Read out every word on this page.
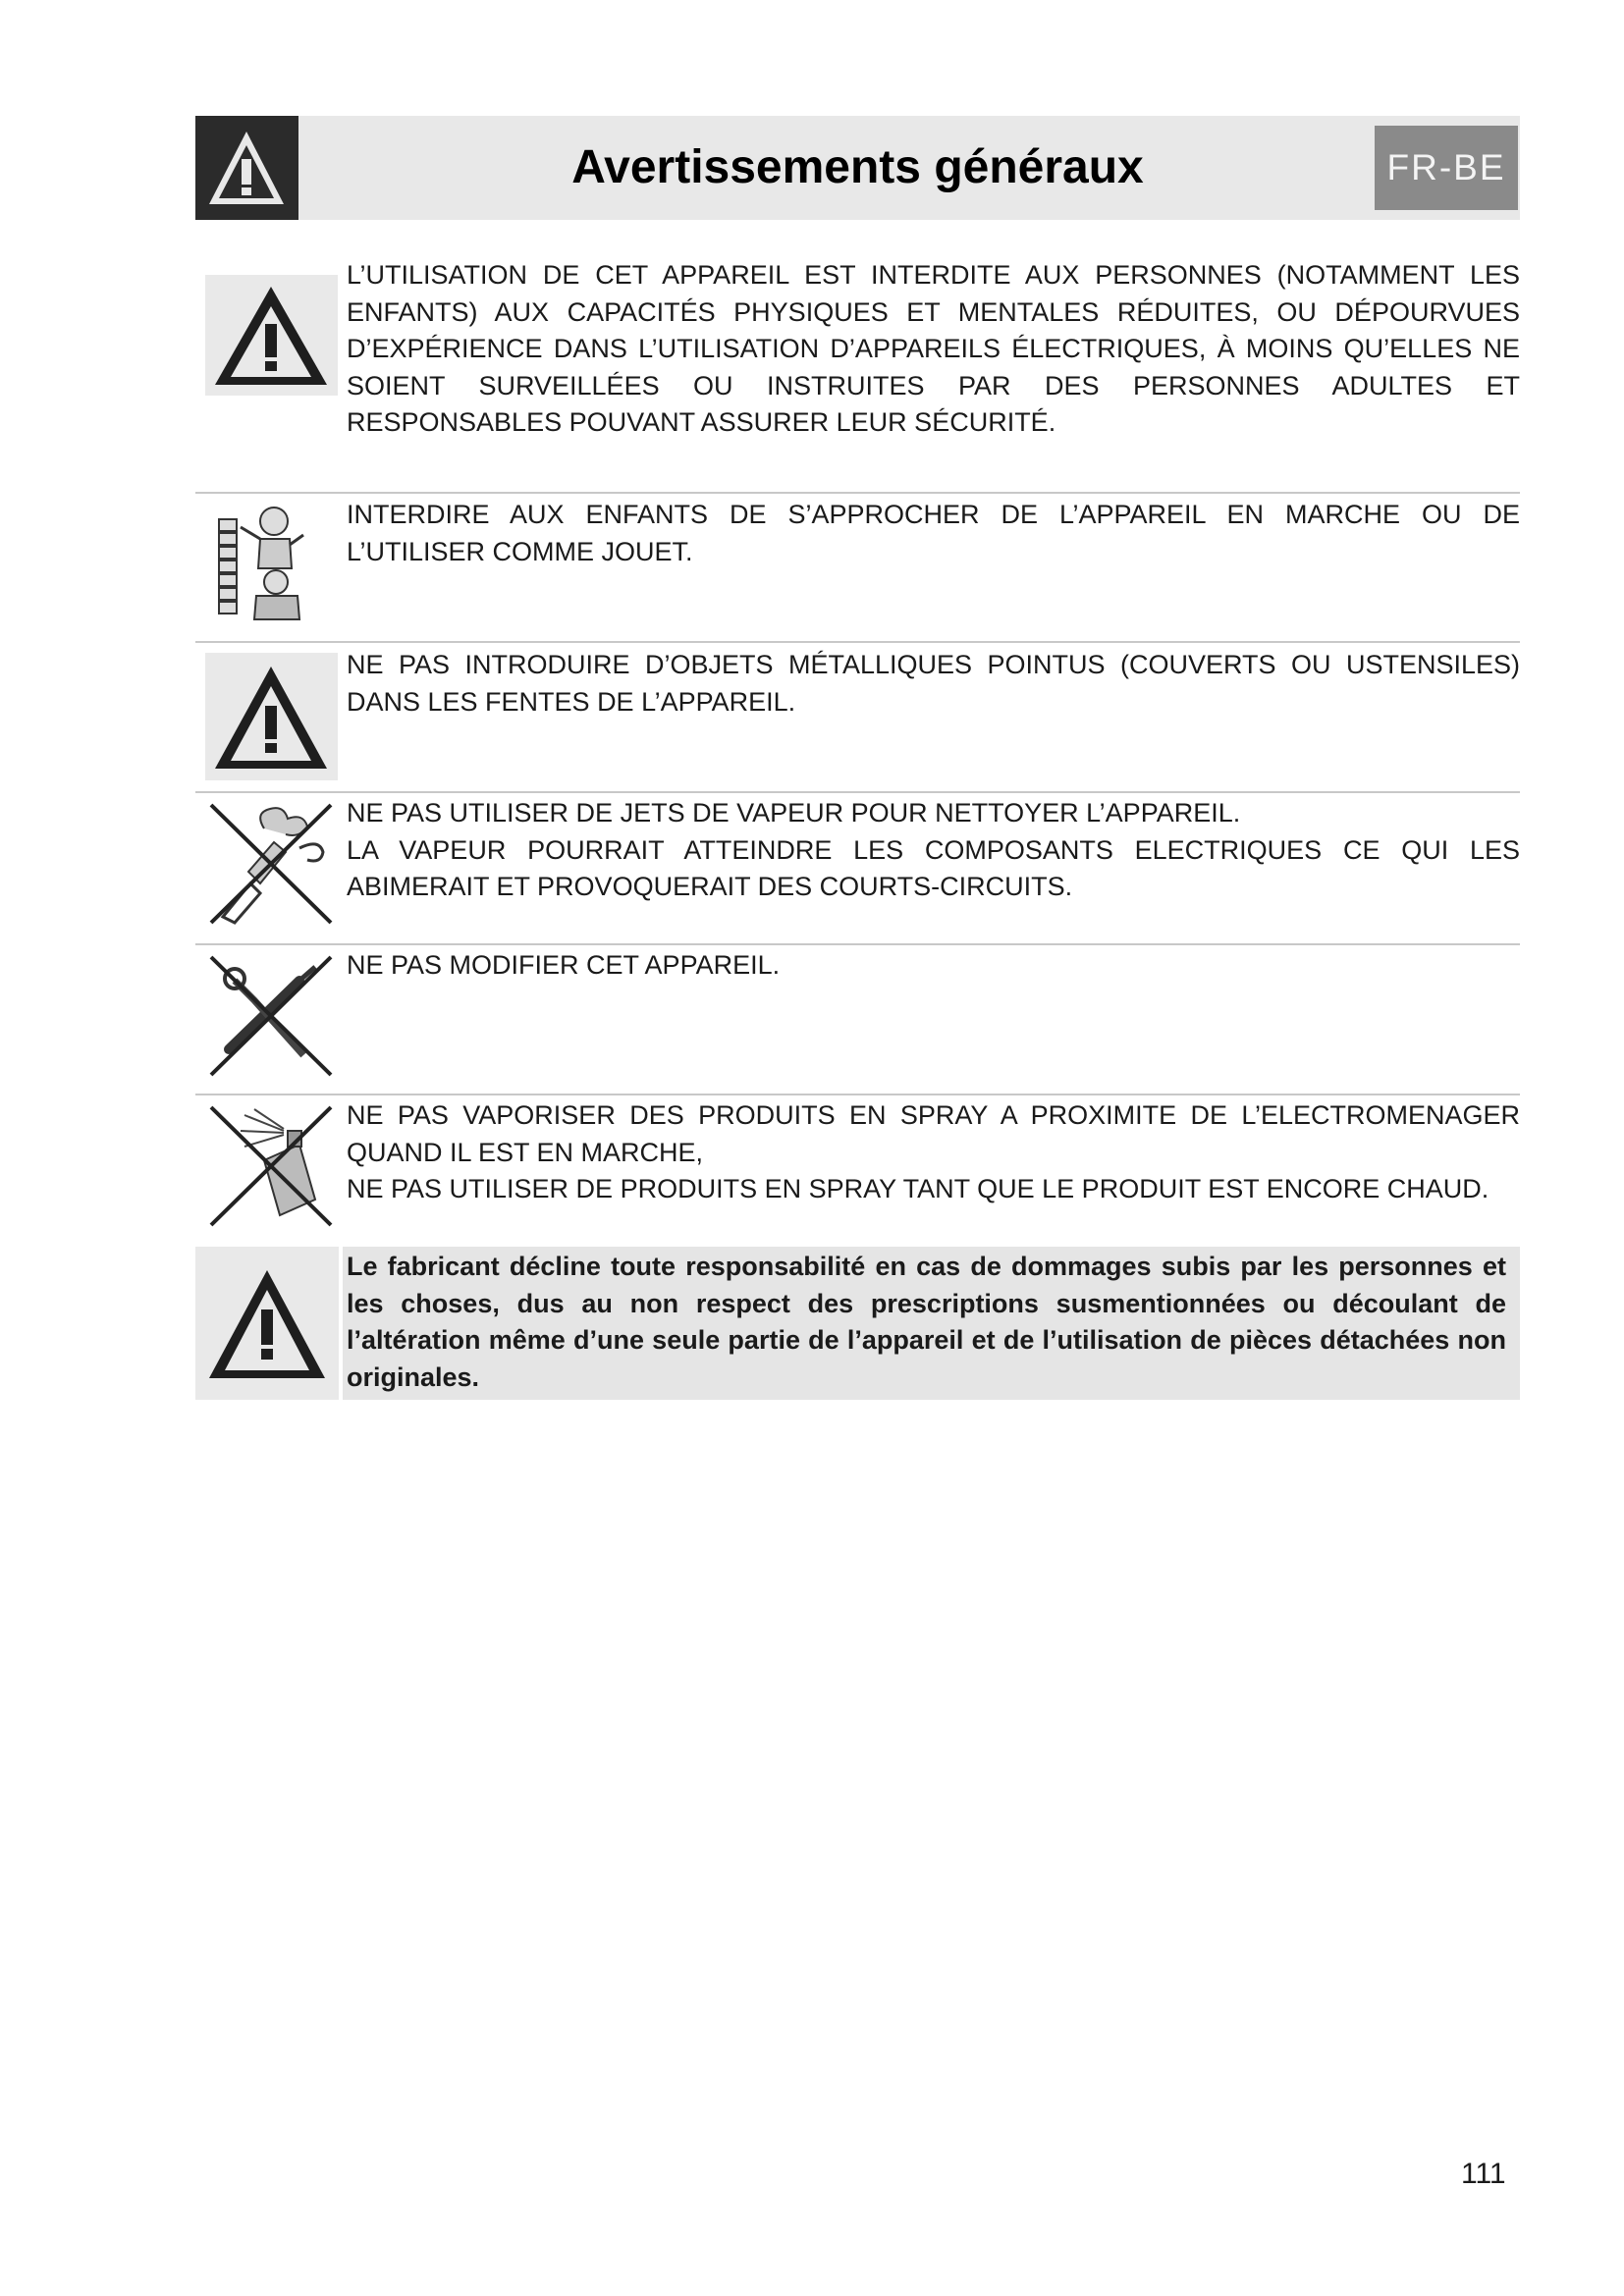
Avertissements généraux	FR-BE
L’UTILISATION DE CET APPAREIL EST INTERDITE AUX PERSONNES (NOTAMMENT LES ENFANTS) AUX CAPACITÉS PHYSIQUES ET MENTALES RÉDUITES, OU DÉPOURVUES D’EXPÉRIENCE DANS L’UTILISATION D’APPAREILS ÉLECTRIQUES, À MOINS QU’ELLES NE SOIENT SURVEILLÉES OU INSTRUITES PAR DES PERSONNES ADULTES ET RESPONSABLES POUVANT ASSURER LEUR SÉCURITÉ.
INTERDIRE AUX ENFANTS DE S’APPROCHER DE L’APPAREIL EN MARCHE OU DE L’UTILISER COMME JOUET.
NE PAS INTRODUIRE D’OBJETS MÉTALLIQUES POINTUS (COUVERTS OU USTENSILES) DANS LES FENTES DE L’APPAREIL.
NE PAS UTILISER DE JETS DE VAPEUR POUR NETTOYER L’APPAREIL.
LA VAPEUR POURRAIT ATTEINDRE LES COMPOSANTS ELECTRIQUES CE QUI LES ABIMERAIT ET PROVOQUERAIT DES COURTS-CIRCUITS.
NE PAS MODIFIER CET APPAREIL.
NE PAS VAPORISER DES PRODUITS EN SPRAY A PROXIMITE DE L’ELECTROMENAGER QUAND IL EST EN MARCHE,
NE PAS UTILISER DE PRODUITS EN SPRAY TANT QUE LE PRODUIT EST ENCORE CHAUD.
Le fabricant décline toute responsabilité en cas de dommages subis par les personnes et les choses, dus au non respect des prescriptions susmentionnées ou découlant de l’altération même d’une seule partie de l’appareil et de l’utilisation de pièces détachées non originales.
111
